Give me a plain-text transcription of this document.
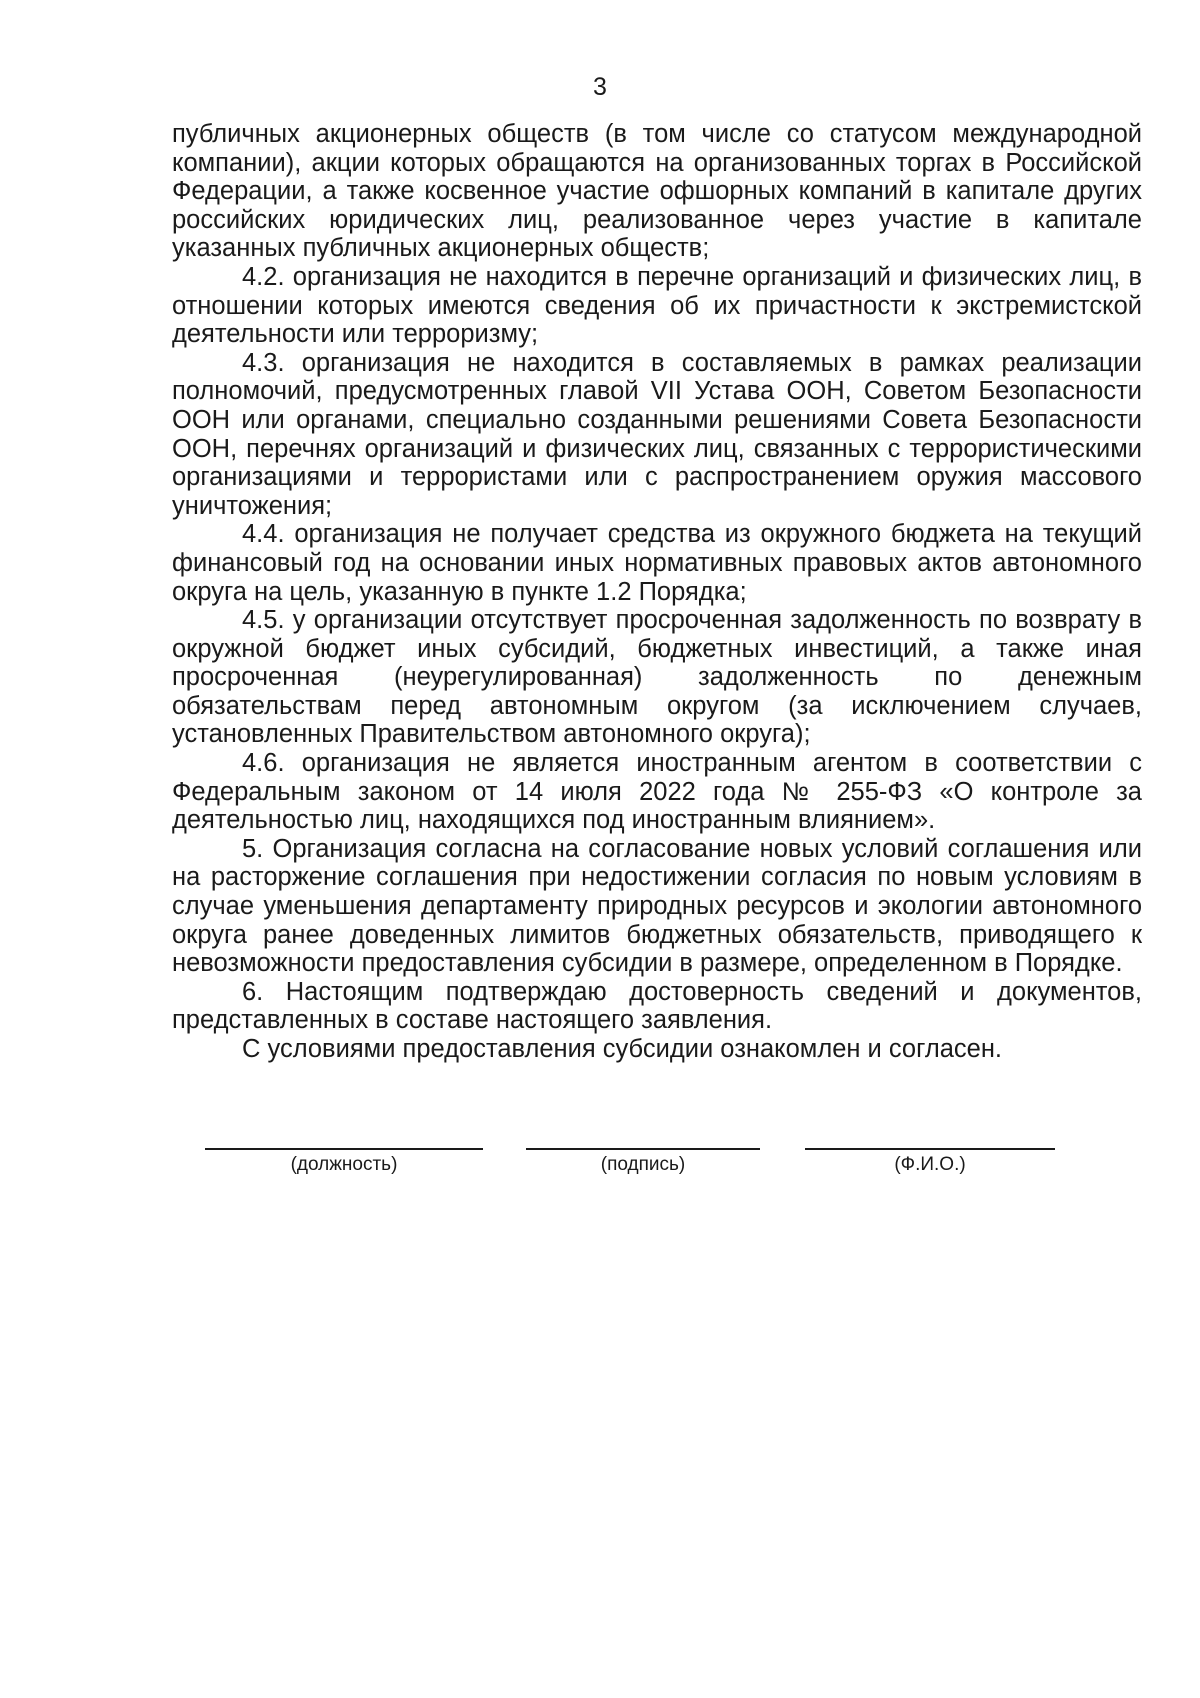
3

публичных акционерных обществ (в том числе со статусом международной компании), акции которых обращаются на организованных торгах в Российской Федерации, а также косвенное участие офшорных компаний в капитале других российских юридических лиц, реализованное через участие в капитале указанных публичных акционерных обществ;

4.2. организация не находится в перечне организаций и физических лиц, в отношении которых имеются сведения об их причастности к экстремистской деятельности или терроризму;

4.3. организация не находится в составляемых в рамках реализации полномочий, предусмотренных главой VII Устава ООН, Советом Безопасности ООН или органами, специально созданными решениями Совета Безопасности ООН, перечнях организаций и физических лиц, связанных с террористическими организациями и террористами или с распространением оружия массового уничтожения;

4.4. организация не получает средства из окружного бюджета на текущий финансовый год на основании иных нормативных правовых актов автономного округа на цель, указанную в пункте 1.2 Порядка;

4.5. у организации отсутствует просроченная задолженность по возврату в окружной бюджет иных субсидий, бюджетных инвестиций, а также иная просроченная (неурегулированная) задолженность по денежным обязательствам перед автономным округом (за исключением случаев, установленных Правительством автономного округа);

4.6. организация не является иностранным агентом в соответствии с Федеральным законом от 14 июля 2022 года № 255-ФЗ «О контроле за деятельностью лиц, находящихся под иностранным влиянием».

5. Организация согласна на согласование новых условий соглашения или на расторжение соглашения при недостижении согласия по новым условиям в случае уменьшения департаменту природных ресурсов и экологии автономного округа ранее доведенных лимитов бюджетных обязательств, приводящего к невозможности предоставления субсидии в размере, определенном в Порядке.

6. Настоящим подтверждаю достоверность сведений и документов, представленных в составе настоящего заявления.

С условиями предоставления субсидии ознакомлен и согласен.

(должность)	(подпись)	(Ф.И.О.)
